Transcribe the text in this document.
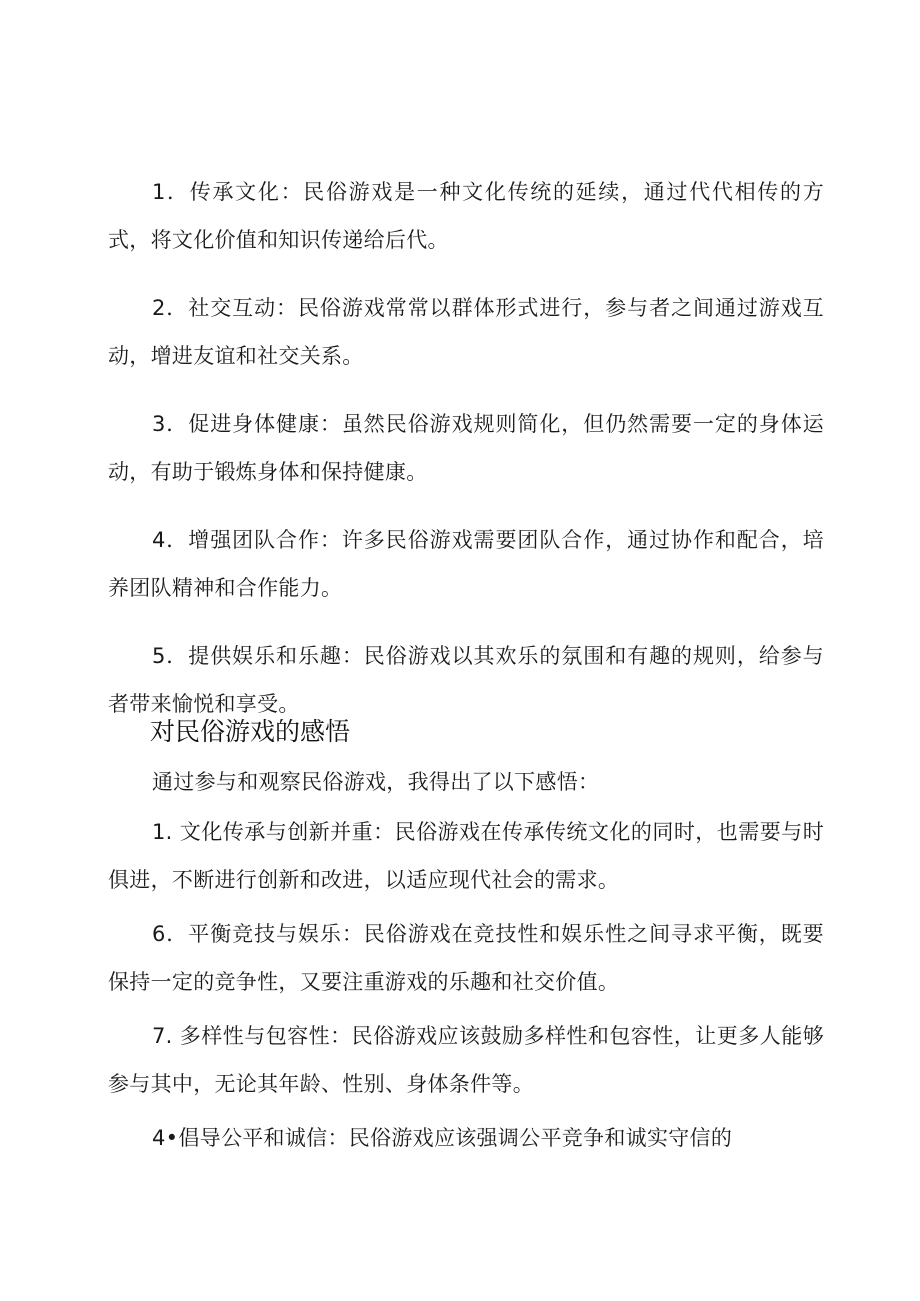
1．传承文化：民俗游戏是一种文化传统的延续，通过代代相传的方式，将文化价值和知识传递给后代。

2．社交互动：民俗游戏常常以群体形式进行，参与者之间通过游戏互动，增进友谊和社交关系。

3．促进身体健康：虽然民俗游戏规则简化，但仍然需要一定的身体运动，有助于锻炼身体和保持健康。

4．增强团队合作：许多民俗游戏需要团队合作，通过协作和配合，培养团队精神和合作能力。

5．提供娱乐和乐趣：民俗游戏以其欢乐的氛围和有趣的规则，给参与者带来愉悦和享受。

对民俗游戏的感悟

通过参与和观察民俗游戏，我得出了以下感悟：

1. 文化传承与创新并重：民俗游戏在传承传统文化的同时，也需要与时俱进，不断进行创新和改进，以适应现代社会的需求。

6．平衡竞技与娱乐：民俗游戏在竞技性和娱乐性之间寻求平衡，既要保持一定的竞争性，又要注重游戏的乐趣和社交价值。

7. 多样性与包容性：民俗游戏应该鼓励多样性和包容性，让更多人能够参与其中，无论其年龄、性别、身体条件等。

4•倡导公平和诚信：民俗游戏应该强调公平竞争和诚实守信的
